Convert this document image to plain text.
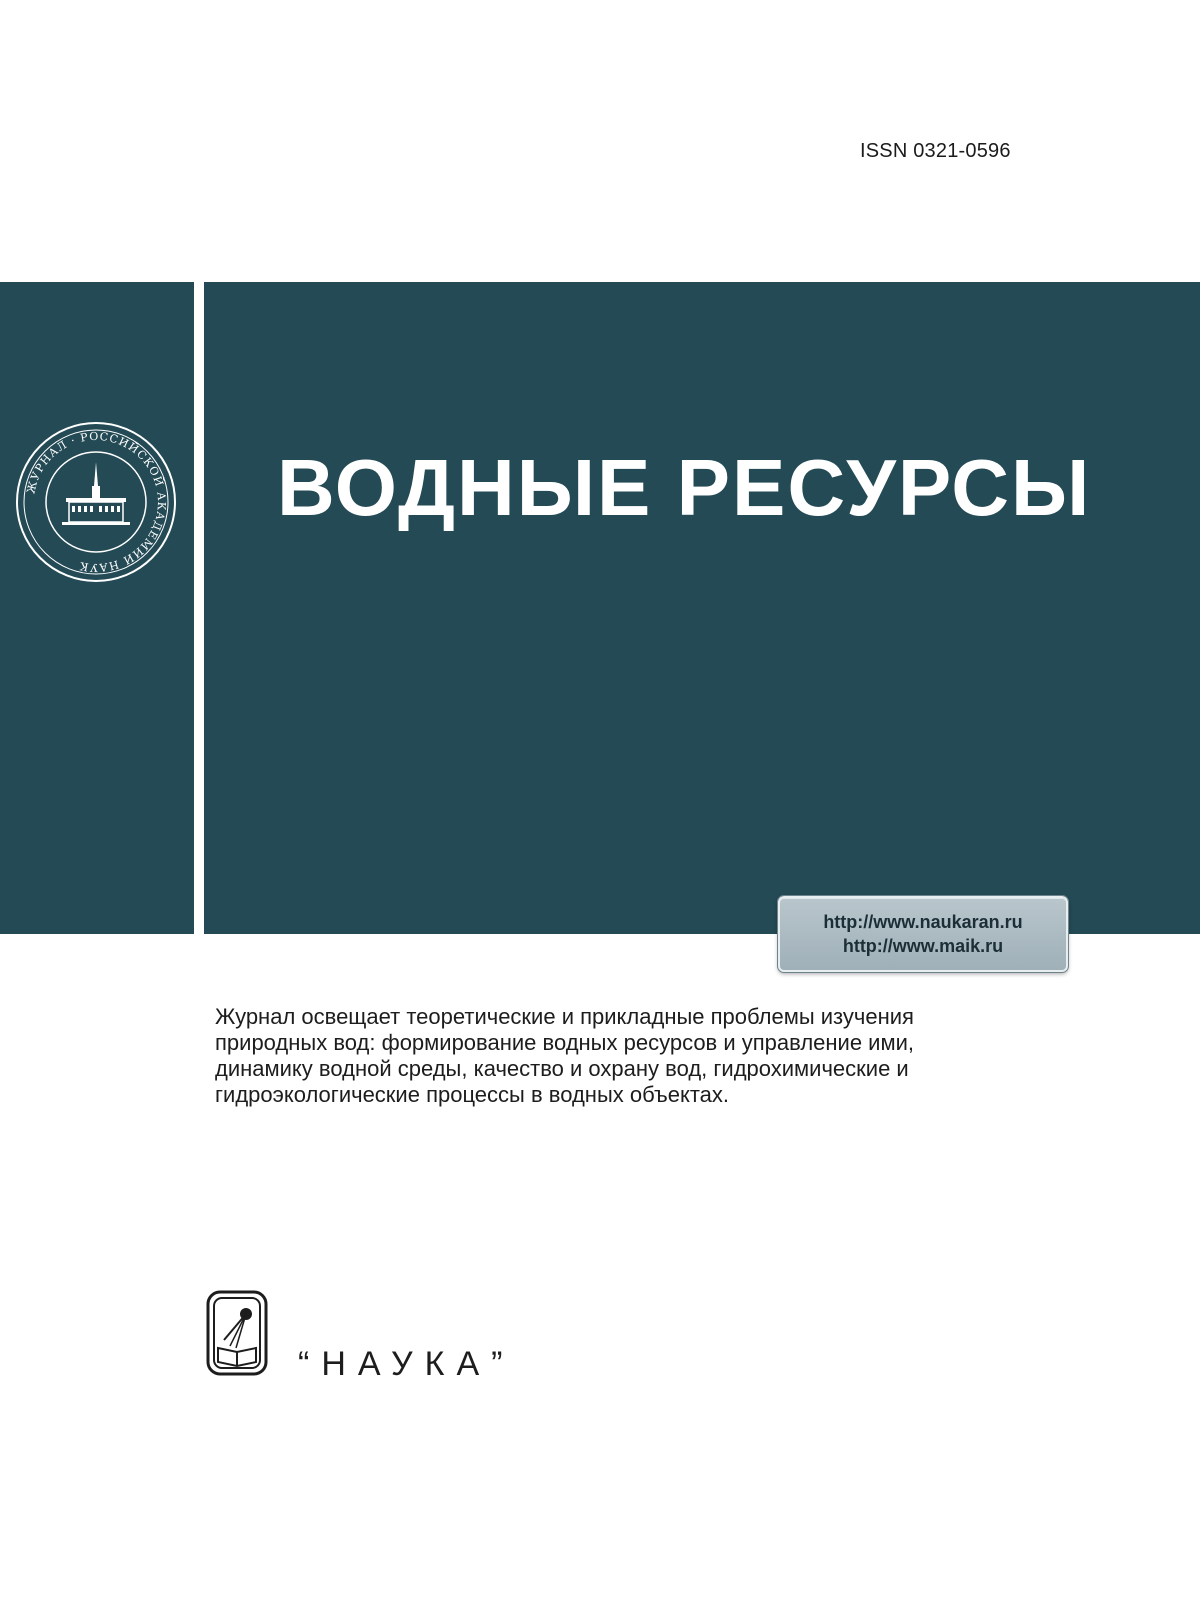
ISSN 0321-0596
ЖУРНАЛ · РОССИЙСКОЙ АКАДЕМИИ НАУК
ВОДНЫЕ РЕСУРСЫ
http://www.naukaran.ru
http://www.maik.ru

Журнал освещает теоретические и прикладные проблемы изучения природных вод: формирование водных ресурсов и управление ими, динамику водной среды, качество и охрану вод, гидрохимические и гидроэкологические процессы в водных объектах.

“НАУКА”
